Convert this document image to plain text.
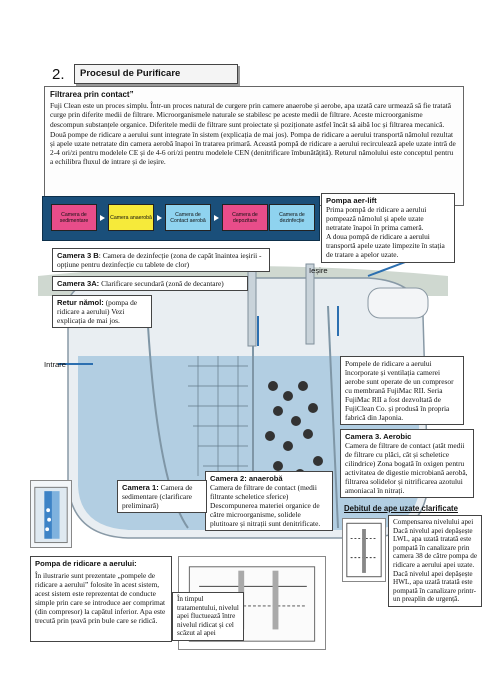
2.	Procesul de Purificare
Filtrarea prin contact”

Fuji Clean este un proces simplu. Într-un proces natural de curgere prin camere anaerobe și aerobe, apa uzată care urmează să fie tratată curge prin diferite medii de filtrare. Microorganismele naturale se stabilesc pe aceste medii de filtrare. Aceste microorganisme descompun substanțele organice. Diferitele medii de filtrare sunt proiectate și poziționate astfel încât să aibă loc și filtrarea mecanică.

Două pompe de ridicare a aerului sunt integrate în sistem (explicația de mai jos). Pompa de ridicare a aerului transportă nămolul rezultat și apele uzate netratate din camera aerobă înapoi în tratarea primară. Această pompă de ridicare a aerului recirculează apele uzate intră de 2-4 ori/zi pentru modelele CE și de 4-6 ori/zi pentru modelele CEN (denitrificare îmbunătățită). Returul nămolului este conceptul pentru a echilibra fluxul de intrare și de ieșire.

Camera de sedimentare	Camera anaerobă	Camera de Contact aerobă
Camera de depozitare
Camera de dezinfecție
Pompa aer-lift
Prima pompă de ridicare a aerului pompează nămolul și apele uzate netratate înapoi în prima cameră.
A doua pompă de ridicare a aerului transportă apele uzate limpezite în stația de tratare a apelor uzate.
Camera 3 B: Camera de dezinfecție (zona de capăt înaintea ieșirii - opțiune pentru dezinfecție cu tablete de clor)
Camera 3A: Clarificare secundară (zonă de decantare)
Ieșire
Retur nămol: (pompa de ridicare a aerului) Vezi explicația de mai jos.
Intrare	Pompele de ridicare a aerului încorporate și ventilația camerei aerobe sunt operate de un compresor cu membrană FujiMac RII. Seria FujiMac RII a fost dezvoltată de FujiClean Co. și produsă în propria fabrică din Japonia.
Camera 3. Aerobic
Camera de filtrare de contact (atât medii de filtrare cu plăci, cât și scheletice cilindrice) Zona bogată în oxigen pentru activitatea de digestie microbiană aerobă, filtrarea solidelor și nitrificarea azotului amoniacal în nitrați.
Camera 2: anaerobă
Camera de filtrare de contact (medii filtrante scheletice sferice) Descompunerea materiei organice de către microorganisme, solidele plutitoare și nitrații sunt denitrificate.
Camera 1: Camera de sedimentare (clarificare preliminară)	Debitul de ape uzate clarificate
Compensarea nivelului apei Dacă nivelul apei depășește LWL, apa uzată tratată este pompată în canalizare prin camera 38 de către pompa de ridicare a aerului apei uzate. Dacă nivelul apei depășește HWL, apa uzată tratată este pompată în canalizare printr-un preaplin de urgență.
Pompa de ridicare a aerului:
În ilustrarie sunt prezentate „pompele de ridicare a aerului” folosite în acest sistem, acest sistem este reprezentat de conducte simple prin care se introduce aer comprimat (din compresor) la capătul inferior. Apa este trecută prin țeavă prin bule care se ridică.
În timpul tratamentului, nivelul apei fluctuează între nivelul ridicat și cel scăzut al apei
